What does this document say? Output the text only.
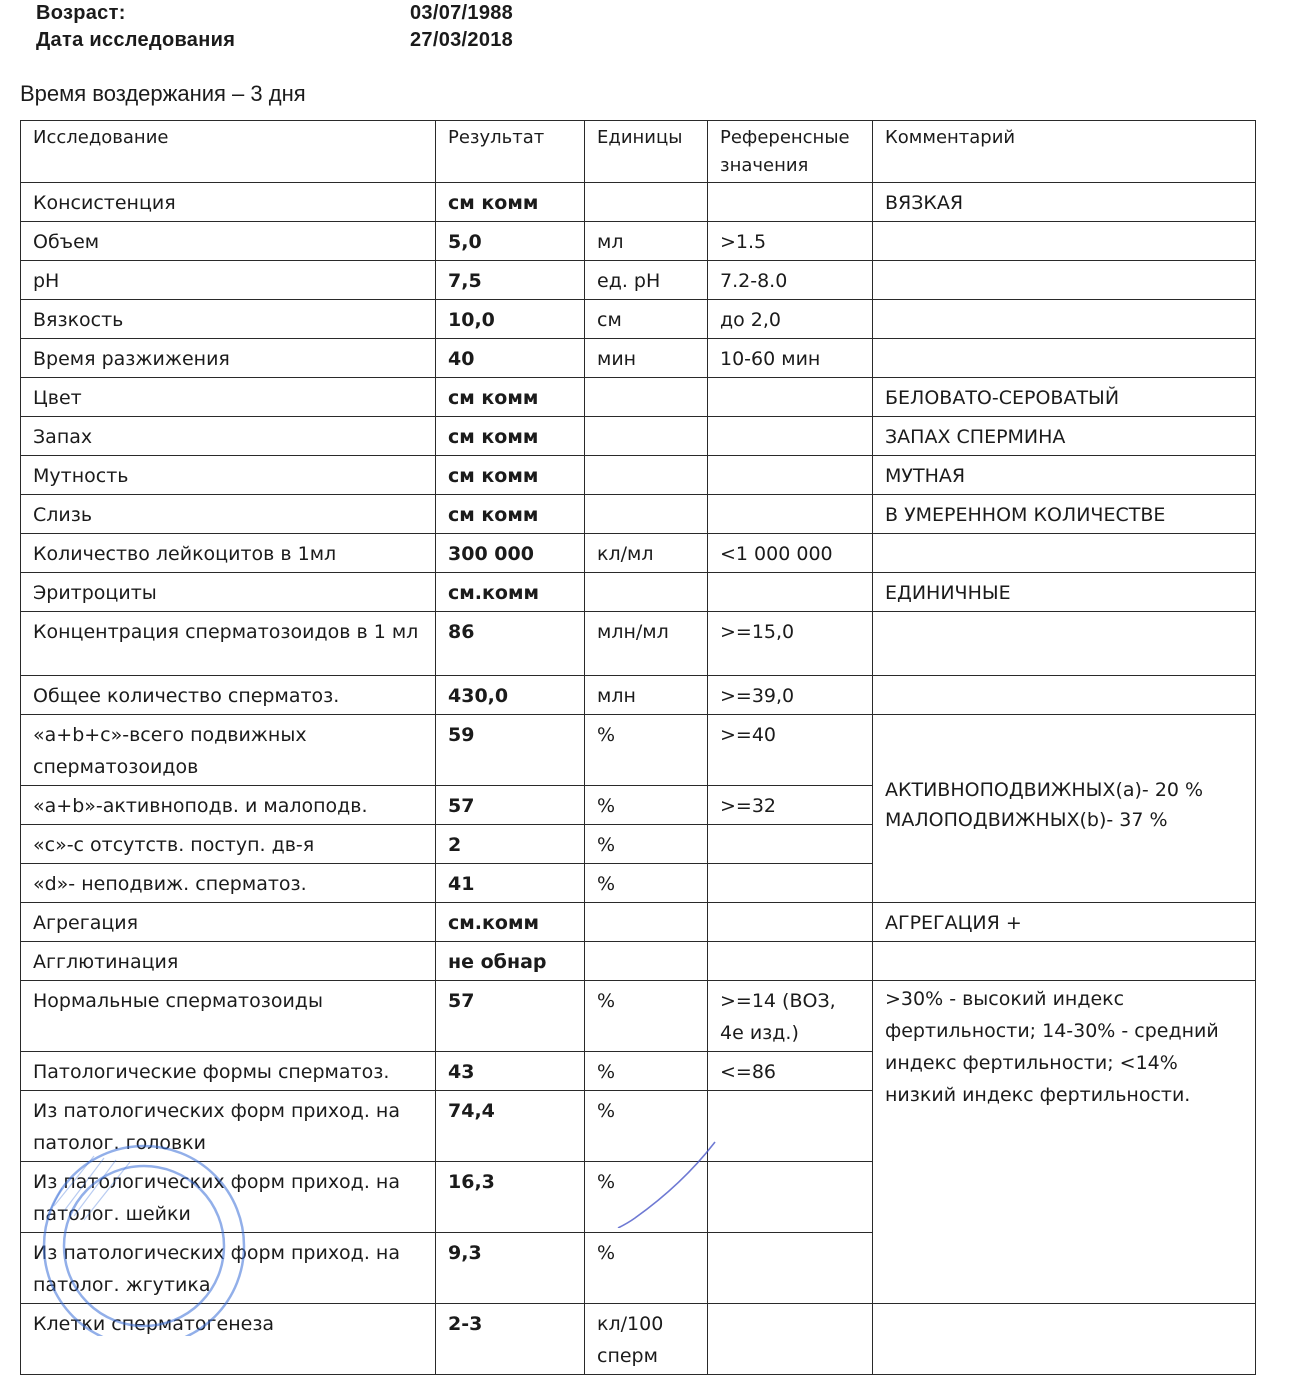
Возраст:	03/07/1988
Дата исследования	27/03/2018
Время воздержания – 3 дня
Исследование	Результат	Единицы	Референсные значения	Комментарий
Консистенция	см комм			ВЯЗКАЯ
Объем	5,0	мл	>1.5	
pH	7,5	ед. pH	7.2-8.0	
Вязкость	10,0	см	до 2,0	
Время разжижения	40	мин	10-60 мин	
Цвет	см комм			БЕЛОВАТО-СЕРОВАТЫЙ
Запах	см комм			ЗАПАХ СПЕРМИНА
Мутность	см комм			МУТНАЯ
Слизь	см комм			В УМЕРЕННОМ КОЛИЧЕСТВЕ
Количество лейкоцитов в 1мл	300 000	кл/мл	<1 000 000	
Эритроциты	см.комм			ЕДИНИЧНЫЕ
Концентрация сперматозоидов в 1 мл	86	млн/мл	>=15,0	
Общее количество сперматоз.	430,0	млн	>=39,0	
«а+b+c»-всего подвижных сперматозоидов	59	%	>=40	АКТИВНОПОДВИЖНЫХ(a)- 20 %
МАЛОПОДВИЖНЫХ(b)- 37 %

«а+b»-активноподв. и малоподв.	57	%	>=32	
«с»-с отсутств. поступ. дв-я	2	%		
«d»- неподвиж. сперматоз.	41	%		
Агрегация	см.комм			АГРЕГАЦИЯ +
Агглютинация	не обнар			
Нормальные сперматозоиды	57	%	>=14 (ВОЗ, 4е изд.)	>30% - высокий индекс фертильности; 14-30% - средний индекс фертильности; <14% низкий индекс фертильности.
Патологические формы сперматоз.	43	%	<=86	
Из патологических форм приход. на патолог. головки	74,4	%		
Из патологических форм приход. на патолог. шейки	16,3	%		
Из патологических форм приход. на патолог. жгутика	9,3	%		
Клетки сперматогенеза	2-3	кл/100 сперм		
